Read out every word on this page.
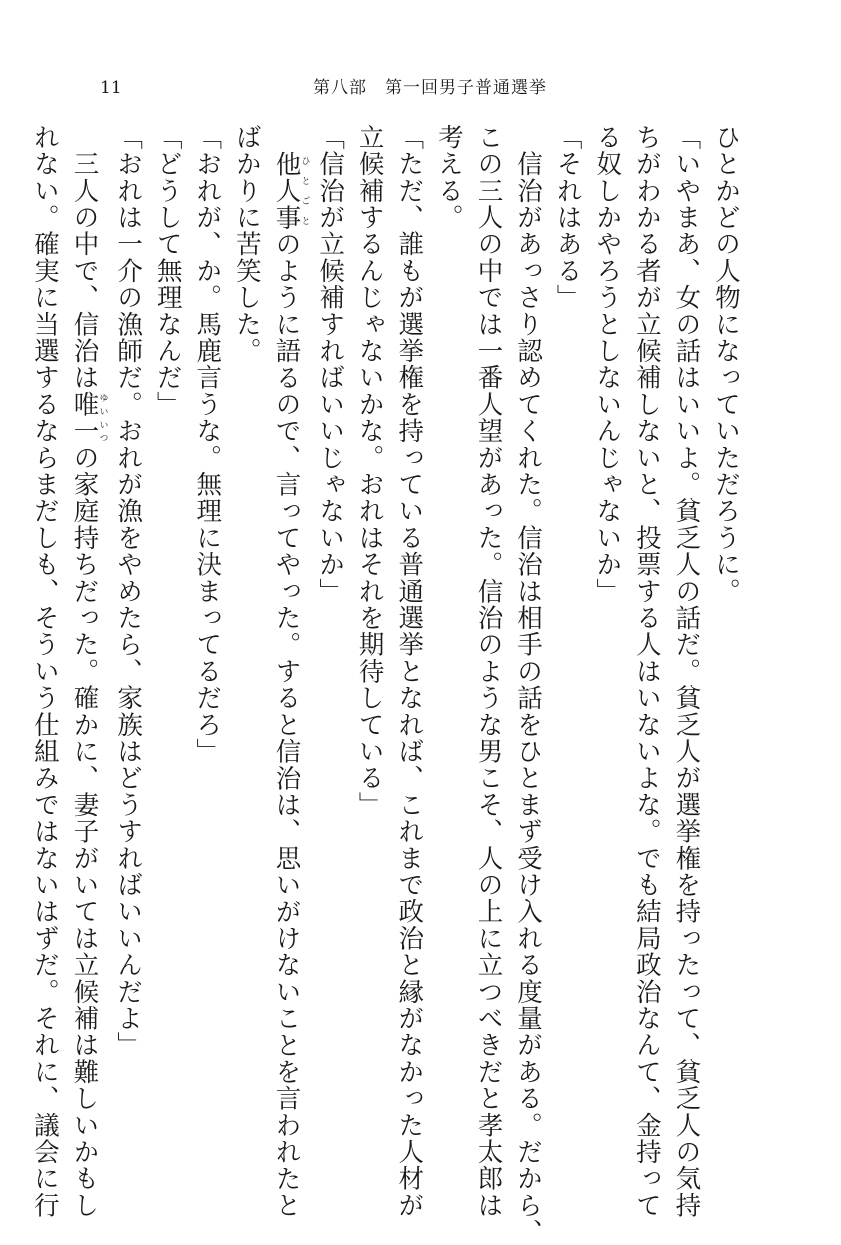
11	第八部　第一回男子普通選挙
ひとかどの人物になっていただろうに。
「いやまあ、女の話はいいよ。貧乏人の話だ。貧乏人が選挙権を持ったって、貧乏人の気持
ちがわかる者が立候補しないと、投票する人はいないよな。でも結局政治なんて、金持って
る奴しかやろうとしないんじゃないか」
「それはある」
　信治があっさり認めてくれた。信治は相手の話をひとまず受け入れる度量がある。だから、
この三人の中では一番人望があった。信治のような男こそ、人の上に立つべきだと孝太郎は
考える。
「ただ、誰もが選挙権を持っている普通選挙となれば、これまで政治と縁がなかった人材が
立候補するんじゃないかな。おれはそれを期待している」
「信治が立候補すればいいじゃないか」
　他人事ひとごとのように語るので、言ってやった。すると信治は、思いがけないことを言われたと
ばかりに苦笑した。
「おれが、か。馬鹿言うな。無理に決まってるだろ」
「どうして無理なんだ」
「おれは一介の漁師だ。おれが漁をやめたら、家族はどうすればいいんだよ」
　三人の中で、信治は唯一ゆいいつの家庭持ちだった。確かに、妻子がいては立候補は難しいかもし
れない。確実に当選するならまだしも、そういう仕組みではないはずだ。それに、議会に行
